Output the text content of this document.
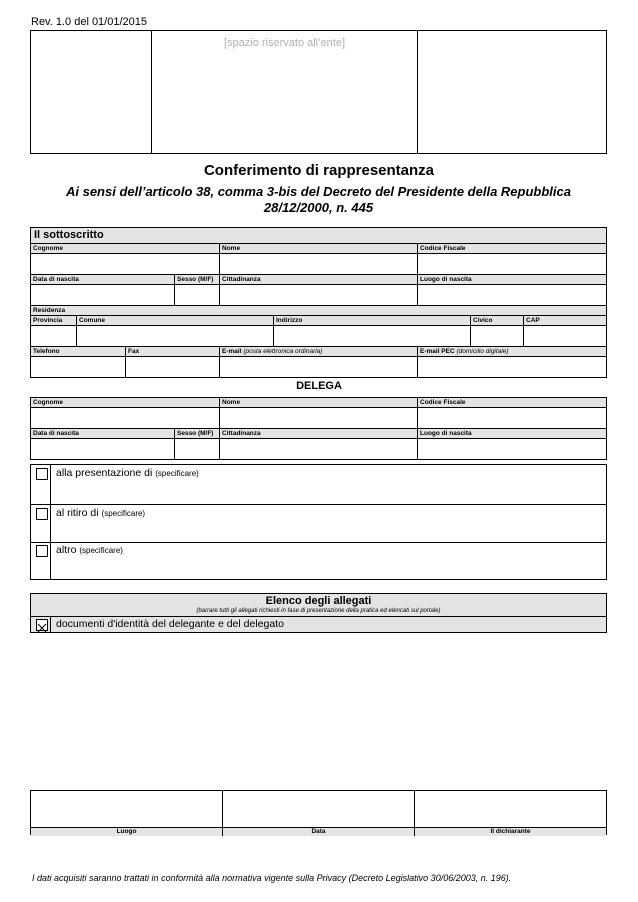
Rev. 1.0 del 01/01/2015
[spazio riservato all’ente]
Conferimento di rappresentanza
Ai sensi dell’articolo 38, comma 3-bis del Decreto del Presidente della Repubblica 28/12/2000, n. 445
Il sottoscritto
Cognome	Nome	Codice Fiscale
Data di nascita	Sesso (M/F)	Cittadinanza	Luogo di nascita
Residenza
Provincia	Comune	Indirizzo	Civico	CAP
Telefono	Fax	E-mail (posta elettronica ordinaria)	E-mail PEC (domicilio digitale)
DELEGA
Cognome	Nome	Codice Fiscale
Data di nascita	Sesso (M/F)	Cittadinanza	Luogo di nascita
alla presentazione di (specificare)
al ritiro di (specificare)
altro (specificare)
Elenco degli allegati
(barrare tutti gli allegati richiesti in fase di presentazione della pratica ed elencati sul portale)
documenti d'identità del delegante e del delegato
Luogo	Data	Il dichiarante
I dati acquisiti saranno trattati in conformità alla normativa vigente sulla Privacy (Decreto Legislativo 30/06/2003, n. 196).
